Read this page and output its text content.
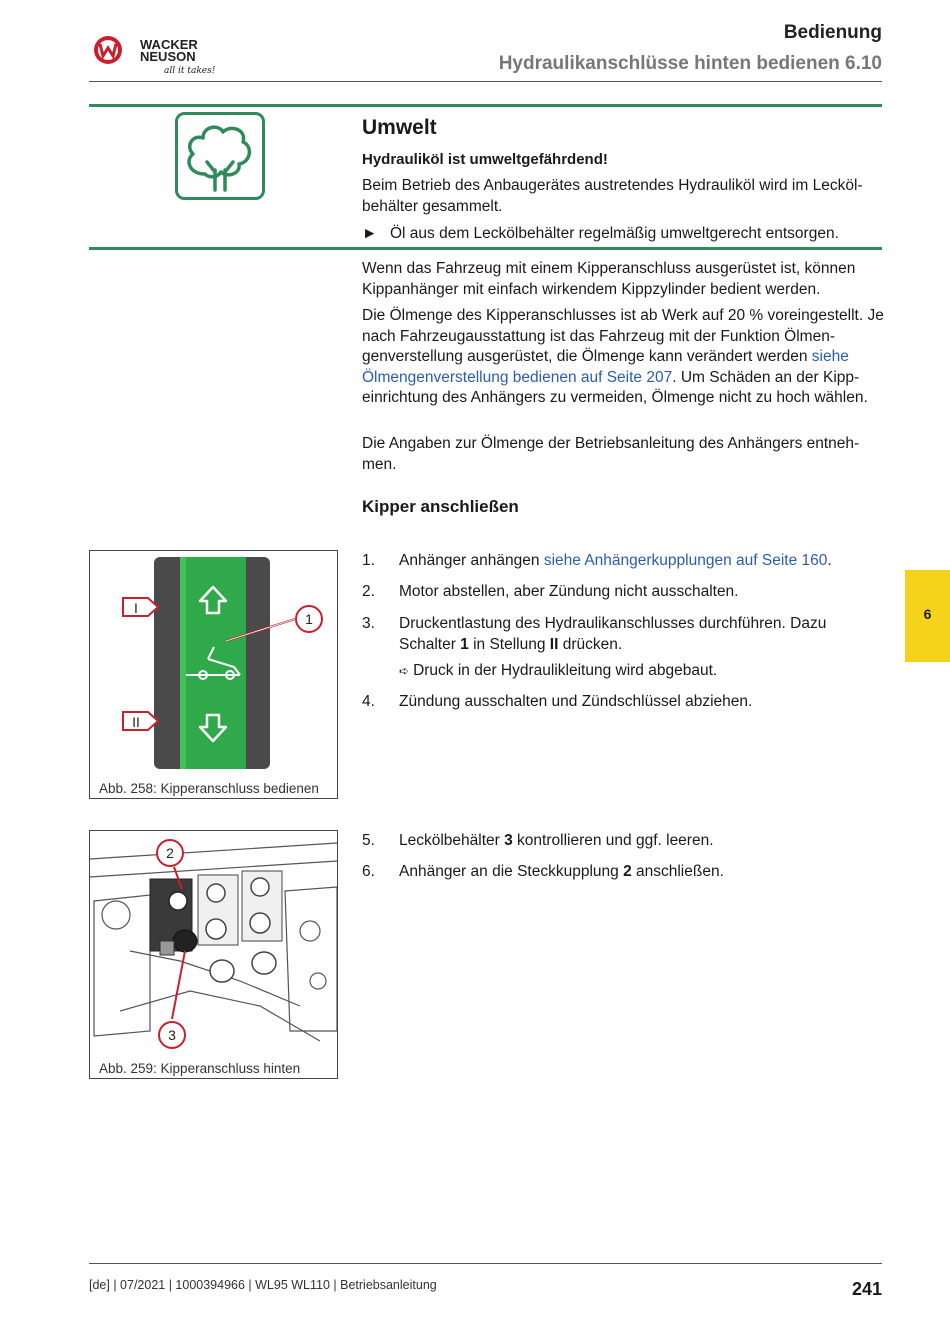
WACKER
NEUSON
all it takes!
Bedienung
Hydraulikanschlüsse hinten bedienen 6.10
Umwelt
Hydrauliköl ist umweltgefährdend!
Beim Betrieb des Anbaugerätes austretendes Hydrauliköl wird im Leckölbehälter gesammelt.
► Öl aus dem Leckölbehälter regelmäßig umweltgerecht entsorgen.
Wenn das Fahrzeug mit einem Kipperanschluss ausgerüstet ist, können Kippanhänger mit einfach wirkendem Kippzylinder bedient werden.
Die Ölmenge des Kipperanschlusses ist ab Werk auf 20 % voreingestellt. Je nach Fahrzeugausstattung ist das Fahrzeug mit der Funktion Ölmengenverstellung ausgerüstet, die Ölmenge kann verändert werden siehe Ölmengenverstellung bedienen auf Seite 207. Um Schäden an der Kippeinrichtung des Anhängers zu vermeiden, Ölmenge nicht zu hoch wählen.
Die Angaben zur Ölmenge der Betriebsanleitung des Anhängers entnehmen.
Kipper anschließen
1. Anhänger anhängen siehe Anhängerkupplungen auf Seite 160.
2. Motor abstellen, aber Zündung nicht ausschalten.
3. Druckentlastung des Hydraulikanschlusses durchführen. Dazu Schalter 1 in Stellung II drücken.
➪ Druck in der Hydraulikleitung wird abgebaut.
4. Zündung ausschalten und Zündschlüssel abziehen.
5. Leckölbehälter 3 kontrollieren und ggf. leeren.
6. Anhänger an die Steckkupplung 2 anschließen.
1
I
II
Abb. 258: Kipperanschluss bedienen
2
3
Abb. 259: Kipperanschluss hinten
6
[de] | 07/2021 | 1000394966 | WL95 WL110 | Betriebsanleitung	241
